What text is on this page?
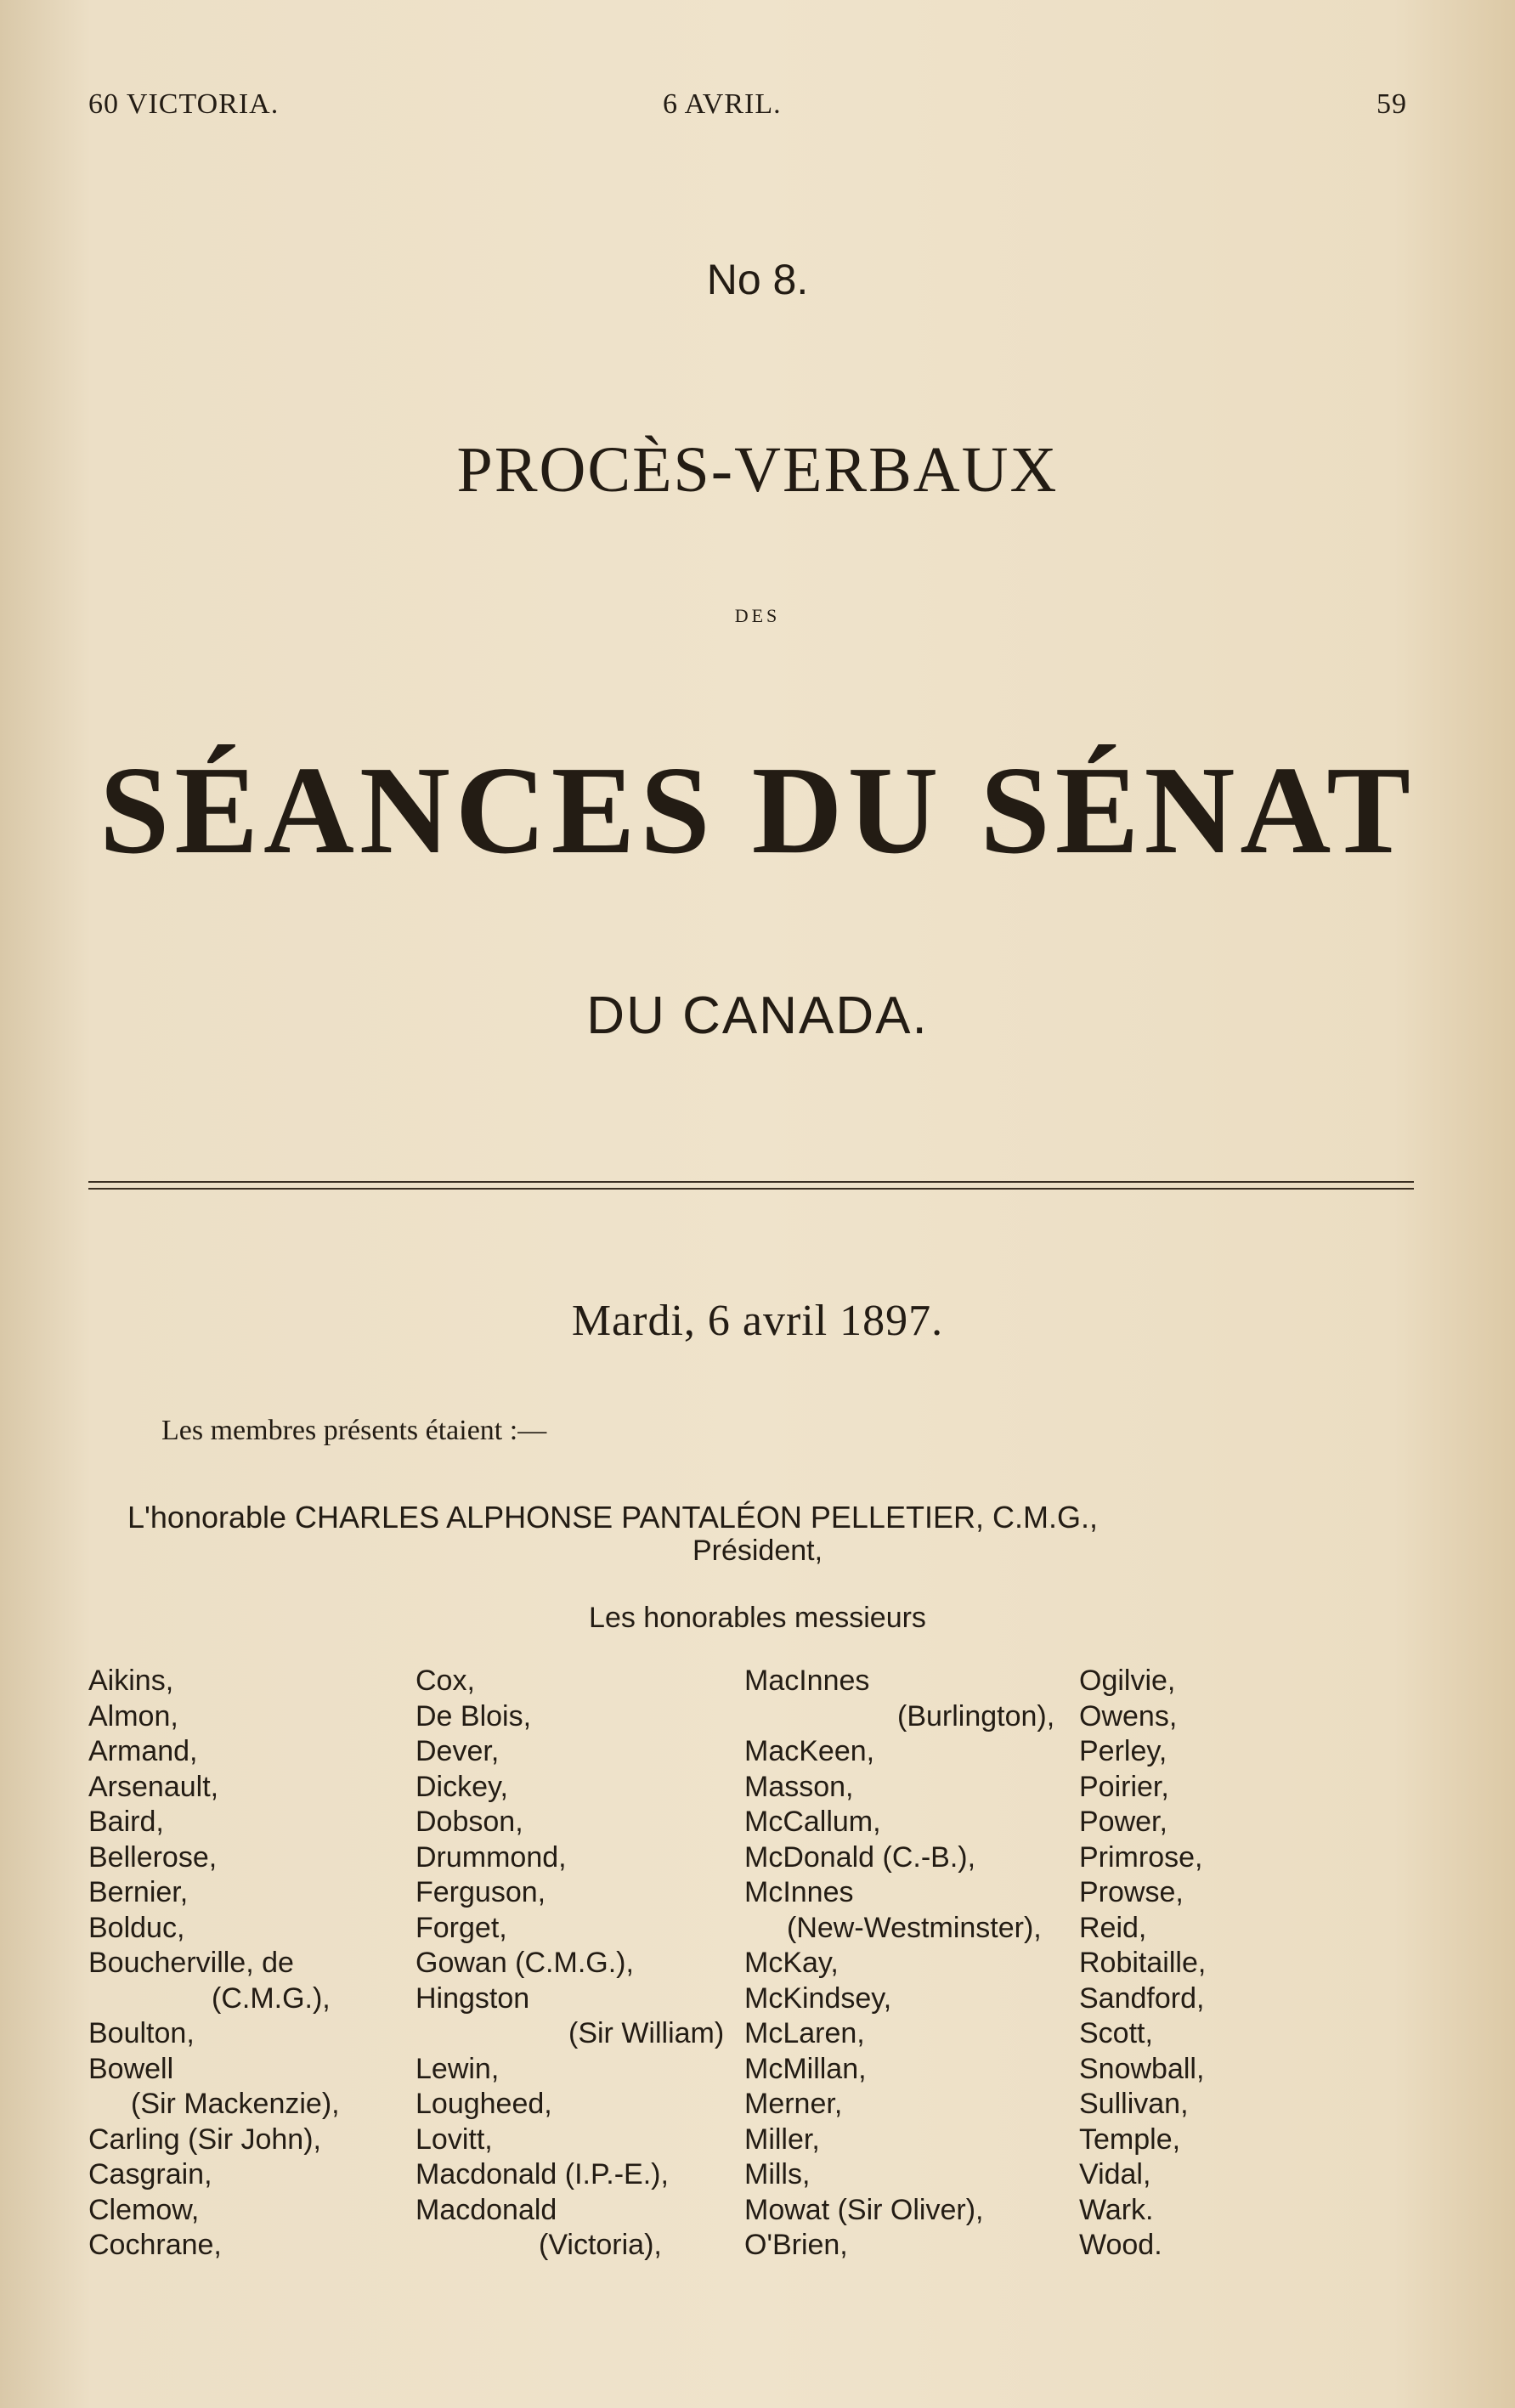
60 VICTORIA.	6 AVRIL.	59
No 8.
PROCÈS-VERBAUX
DES
SÉANCES DU SÉNAT
DU CANADA.
Mardi, 6 avril 1897.
Les membres présents étaient :—
L'honorable CHARLES ALPHONSE PANTALÉON PELLETIER, C.M.G.,
Président,
Les honorables messieurs
Aikins,
Almon,
Armand,
Arsenault,
Baird,
Bellerose,
Bernier,
Bolduc,
Boucherville, de
(C.M.G.),
Boulton,
Bowell
(Sir Mackenzie),
Carling (Sir John),
Casgrain,
Clemow,
Cochrane,
Cox,
De Blois,
Dever,
Dickey,
Dobson,
Drummond,
Ferguson,
Forget,
Gowan (C.M.G.),
Hingston
(Sir William)
Lewin,
Lougheed,
Lovitt,
Macdonald (I.P.-E.),
Macdonald
(Victoria),
MacInnes
(Burlington),
MacKeen,
Masson,
McCallum,
McDonald (C.-B.),
McInnes
(New-Westminster),
McKay,
McKindsey,
McLaren,
McMillan,
Merner,
Miller,
Mills,
Mowat (Sir Oliver),
O'Brien,
Ogilvie,
Owens,
Perley,
Poirier,
Power,
Primrose,
Prowse,
Reid,
Robitaille,
Sandford,
Scott,
Snowball,
Sullivan,
Temple,
Vidal,
Wark.
Wood.
